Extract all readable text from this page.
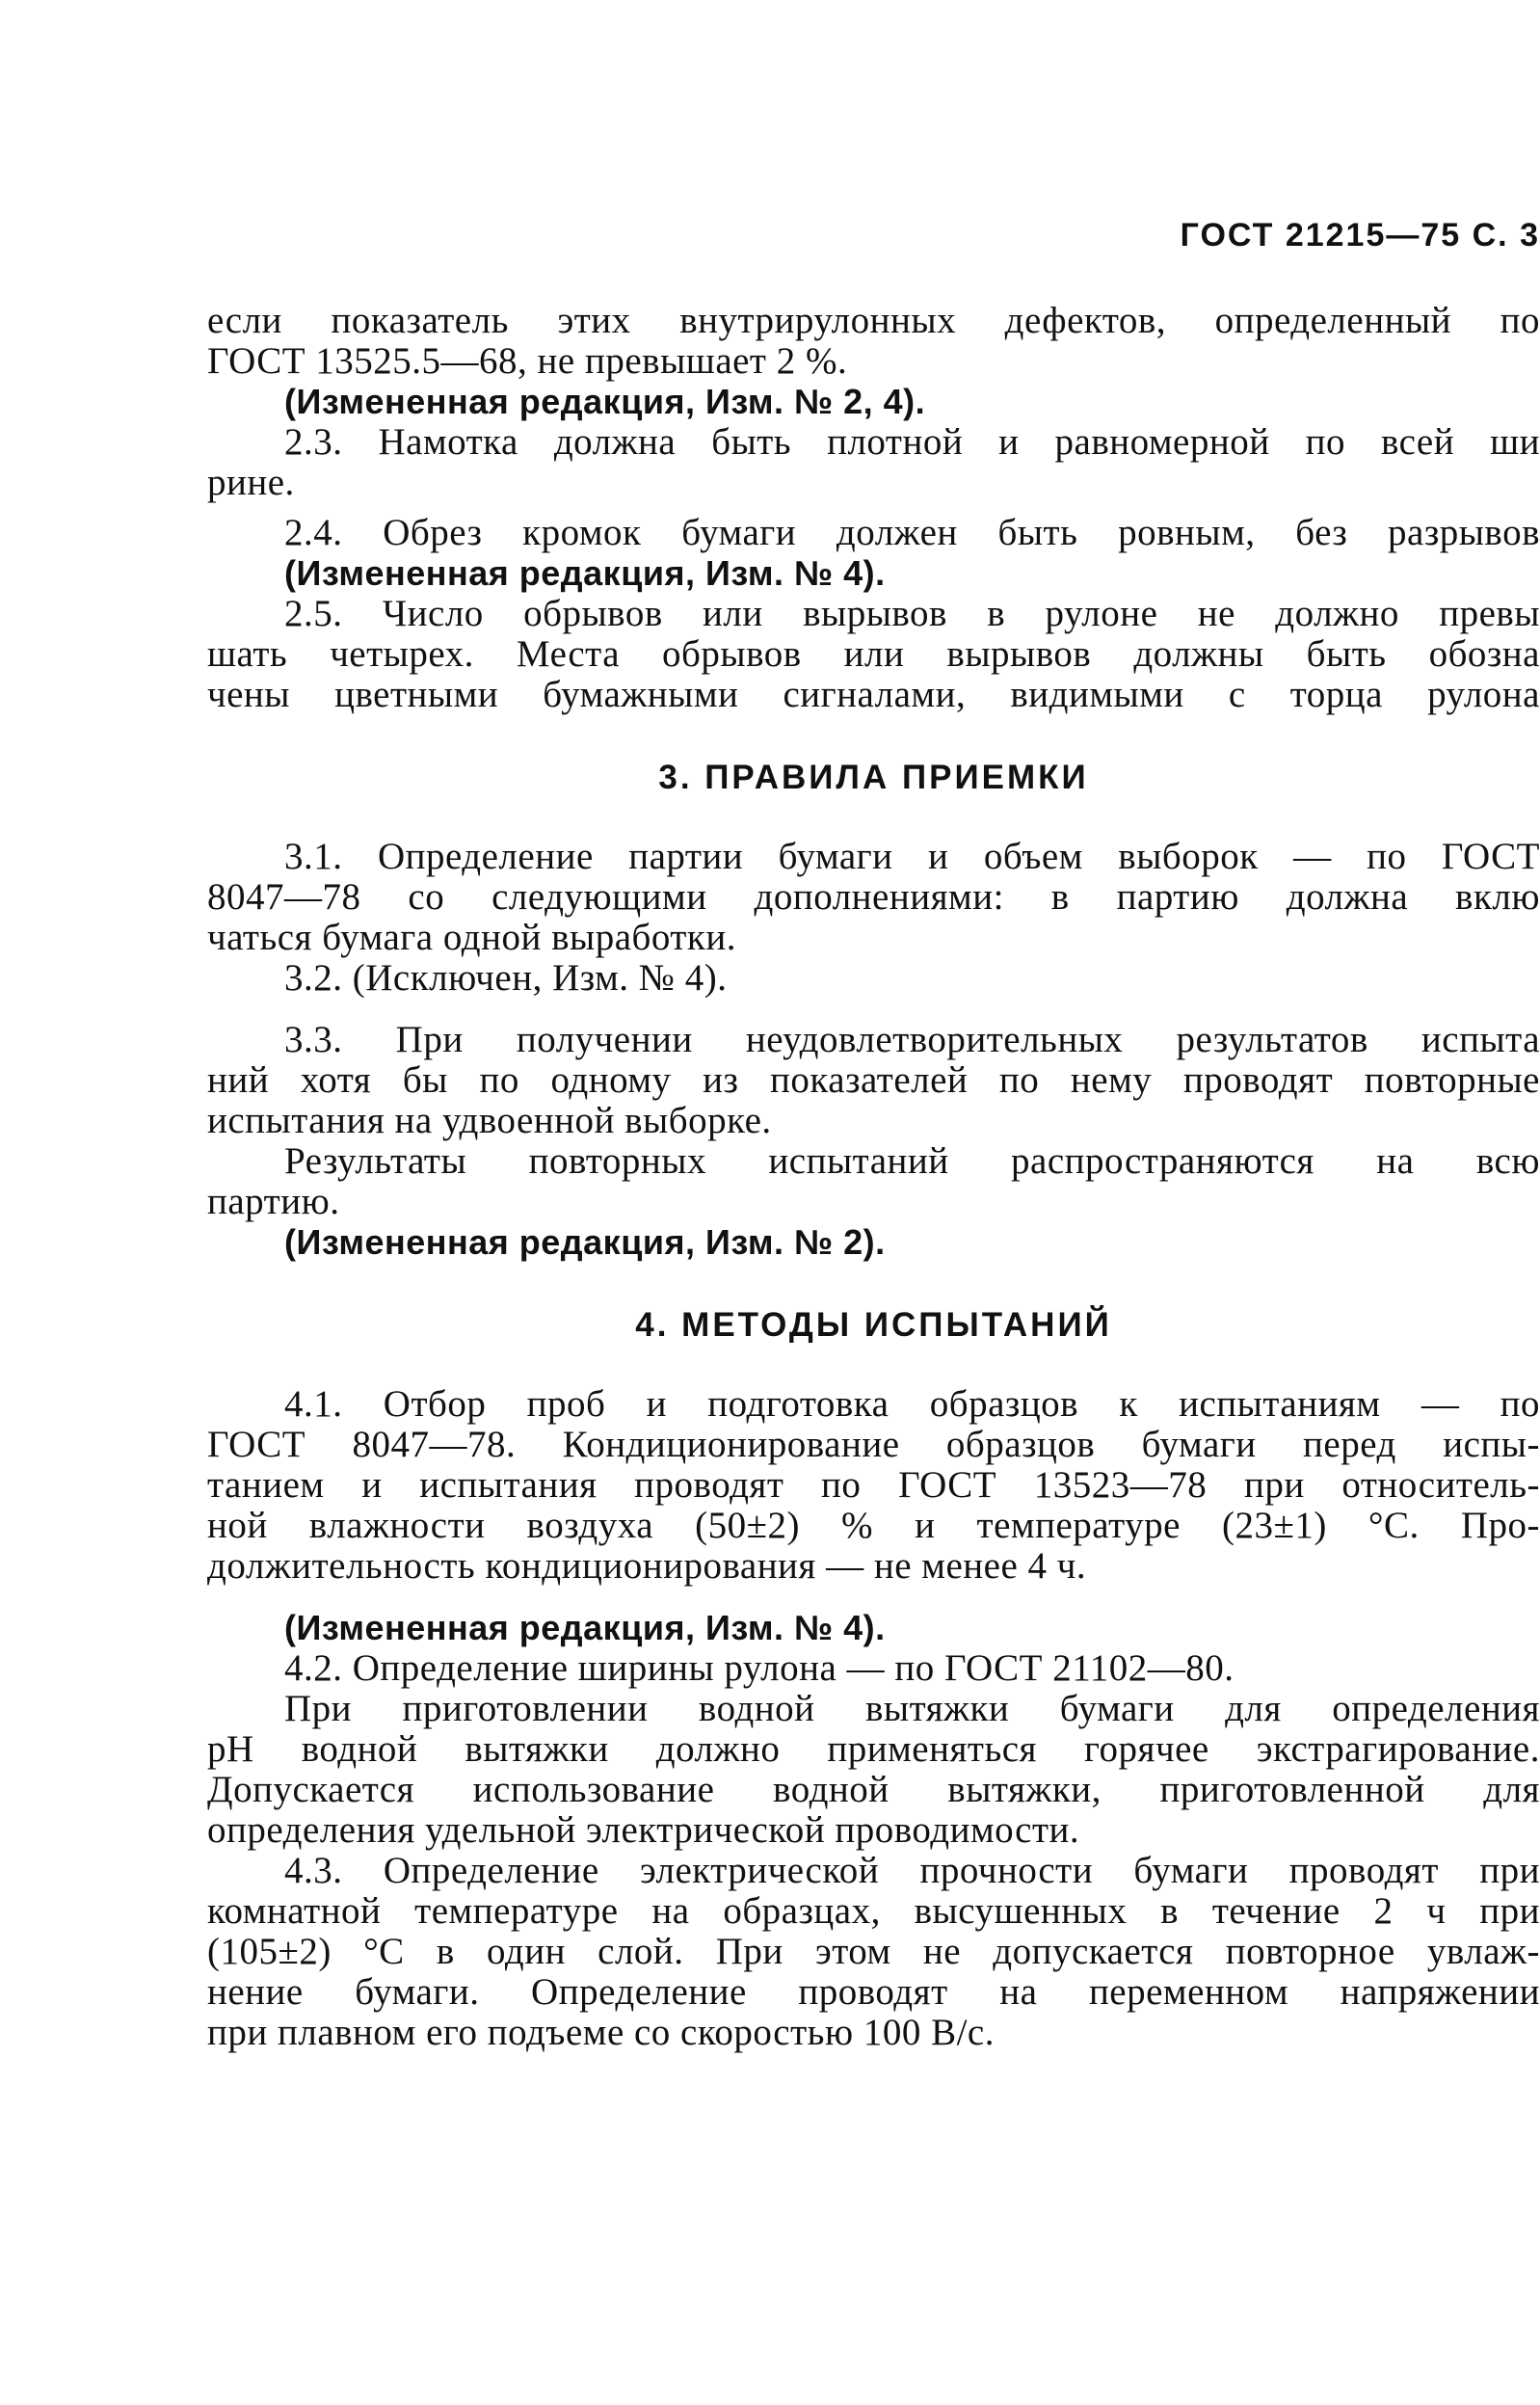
ГОСТ 21215—75 С. 3
если показатель этих внутрирулонных дефектов, определенный по
ГОСТ 13525.5—68, не превышает 2 %.
(Измененная редакция, Изм. № 2, 4).
2.3. Намотка должна быть плотной и равномерной по всей ши
рине.
2.4. Обрез кромок бумаги должен быть ровным, без разрывов
(Измененная редакция, Изм. № 4).
2.5. Число обрывов или вырывов в рулоне не должно превы
шать четырех. Места обрывов или вырывов должны быть обозна
чены цветными бумажными сигналами, видимыми с торца рулона
3. ПРАВИЛА ПРИЕМКИ
3.1. Определение партии бумаги и объем выборок — по ГОСТ
8047—78 со следующими дополнениями: в партию должна вклю
чаться бумага одной выработки.
3.2. (Исключен, Изм. № 4).
3.3. При получении неудовлетворительных результатов испыта
ний хотя бы по одному из показателей по нему проводят повторные
испытания на удвоенной выборке.
Результаты повторных испытаний распространяются на всю
партию.
(Измененная редакция, Изм. № 2).
4. МЕТОДЫ ИСПЫТАНИЙ
4.1. Отбор проб и подготовка образцов к испытаниям — по
ГОСТ 8047—78. Кондиционирование образцов бумаги перед испы-
танием и испытания проводят по ГОСТ 13523—78 при относитель-
ной влажности воздуха (50±2) % и температуре (23±1) °С. Про-
должительность кондиционирования — не менее 4 ч.
(Измененная редакция, Изм. № 4).
4.2. Определение ширины рулона — по ГОСТ 21102—80.
При приготовлении водной вытяжки бумаги для определения
pH водной вытяжки должно применяться горячее экстрагирование.
Допускается использование водной вытяжки, приготовленной для
определения удельной электрической проводимости.
4.3. Определение электрической прочности бумаги проводят при
комнатной температуре на образцах, высушенных в течение 2 ч при
(105±2) °С в один слой. При этом не допускается повторное увлаж-
нение бумаги. Определение проводят на переменном напряжении
при плавном его подъеме со скоростью 100 В/с.
